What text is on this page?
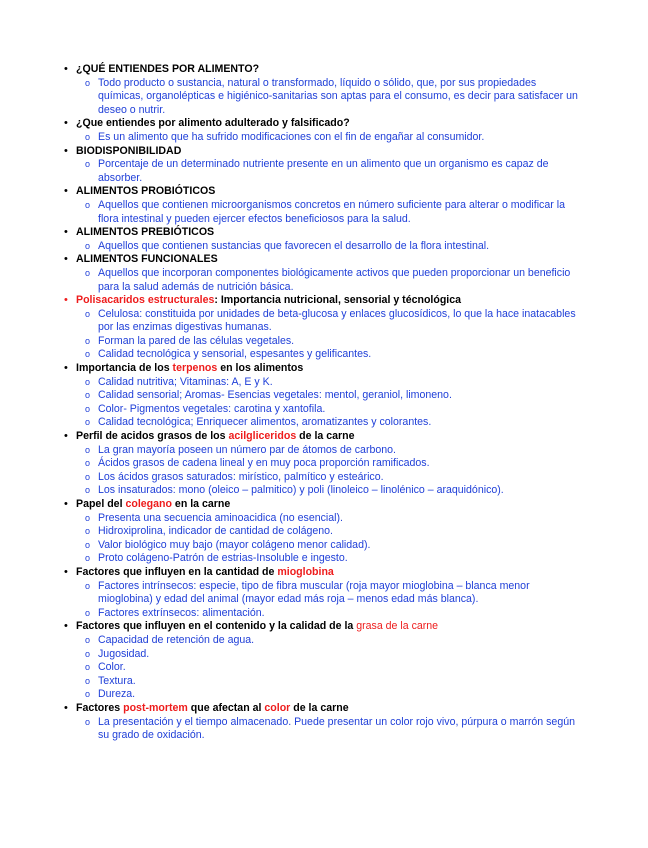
• ¿QUÉ ENTIENDES POR ALIMENTO?
o Todo producto o sustancia, natural o transformado, líquido o sólido, que, por sus propiedades químicas, organolépticas e higiénico-sanitarias son aptas para el consumo, es decir para satisfacer un deseo o nutrir.
• ¿Que entiendes por alimento adulterado y falsificado?
o Es un alimento que ha sufrido modificaciones con el fin de engañar al consumidor.
• BIODISPONIBILIDAD
o Porcentaje de un determinado nutriente presente en un alimento que un organismo es capaz de absorber.
• ALIMENTOS PROBIÓTICOS
o Aquellos que contienen microorganismos concretos en número suficiente para alterar o modificar la flora intestinal y pueden ejercer efectos beneficiosos para la salud.
• ALIMENTOS PREBIÓTICOS
o Aquellos que contienen sustancias que favorecen el desarrollo de la flora intestinal.
• ALIMENTOS FUNCIONALES
o Aquellos que incorporan componentes biológicamente activos que pueden proporcionar un beneficio para la salud además de nutrición básica.
• Polisacaridos estructurales: Importancia nutricional, sensorial y técnológica
o Celulosa: constituida por unidades de beta-glucosa y enlaces glucosídicos, lo que la hace inatacables por las enzimas digestivas humanas.
o Forman la pared de las células vegetales.
o Calidad tecnológica y sensorial, espesantes y gelificantes.
• Importancia de los terpenos en los alimentos
o Calidad nutritiva; Vitaminas: A, E y K.
o Calidad sensorial; Aromas- Esencias vegetales: mentol, geraniol, limoneno.
o Color- Pigmentos vegetales: carotina y xantofila.
o Calidad tecnológica; Enriquecer alimentos, aromatizantes y colorantes.
• Perfil de acidos grasos de los acilgliceridos de la carne
o La gran mayoría poseen un número par de átomos de carbono.
o Ácidos grasos de cadena lineal y en muy poca proporción ramificados.
o Los ácidos grasos saturados: mirístico, palmítico y esteárico.
o Los insaturados: mono (oleico – palmitico) y poli (linoleico – linolénico – araquidónico).
• Papel del colegano en la carne
o Presenta una secuencia aminoacidica (no esencial).
o Hidroxiprolina, indicador de cantidad de colágeno.
o Valor biológico muy bajo (mayor colágeno menor calidad).
o Proto colágeno-Patrón de estrias-Insoluble e ingesto.
• Factores que influyen en la cantidad de mioglobina
o Factores intrínsecos: especie, tipo de fibra muscular (roja mayor mioglobina – blanca menor mioglobina) y edad del animal (mayor edad más roja – menos edad más blanca).
o Factores extrínsecos: alimentación.
• Factores que influyen en el contenido y la calidad de la grasa de la carne
o Capacidad de retención de agua.
o Jugosidad.
o Color.
o Textura.
o Dureza.
• Factores post-mortem que afectan al color de la carne
o La presentación y el tiempo almacenado. Puede presentar un color rojo vivo, púrpura o marrón según su grado de oxidación.
